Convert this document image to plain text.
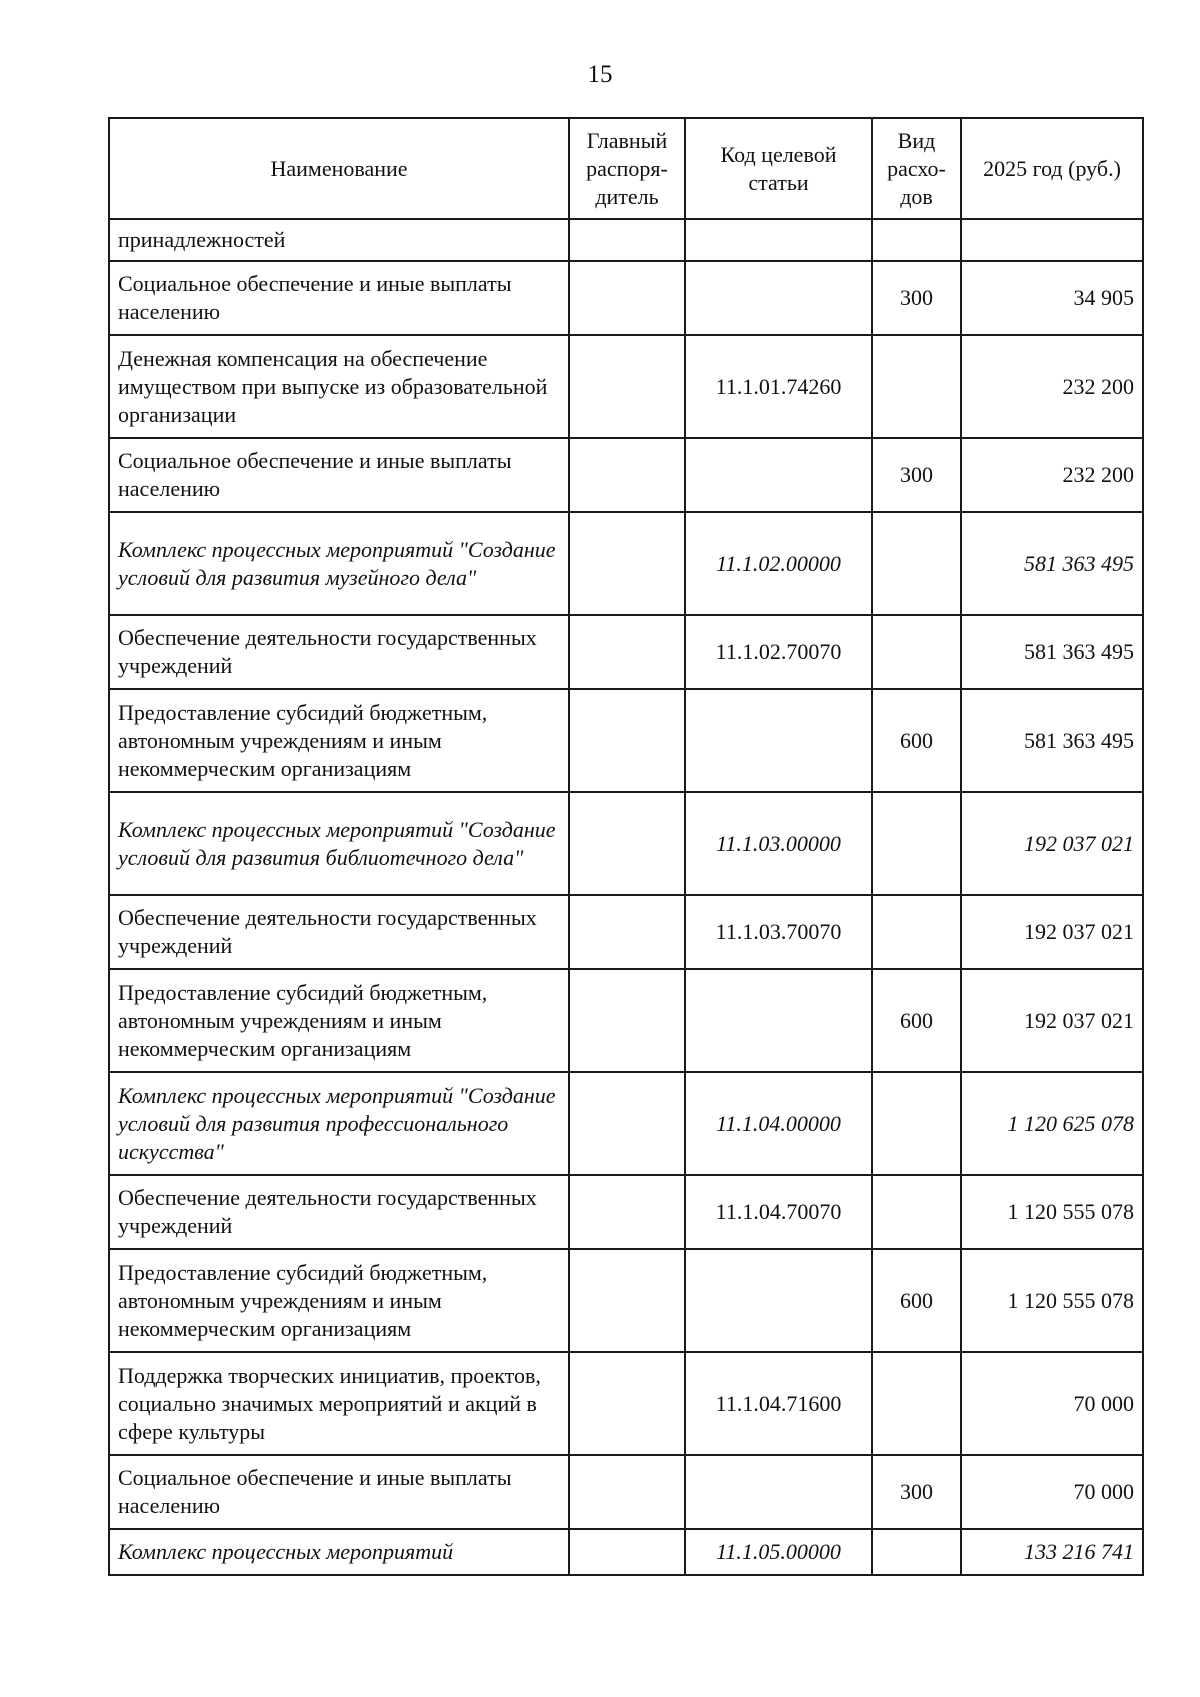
15
Наименование	Главный распоря-дитель	Код целевой статьи	Вид расхо-дов	2025 год (руб.)
принадлежностей				
Социальное обеспечение и иные выплаты населению			300	34 905
Денежная компенсация на обеспечение имуществом при выпуске из образовательной организации		11.1.01.74260		232 200
Социальное обеспечение и иные выплаты населению			300	232 200
Комплекс процессных мероприятий "Создание условий для развития музейного дела"		11.1.02.00000		581 363 495
Обеспечение деятельности государственных учреждений		11.1.02.70070		581 363 495
Предоставление субсидий бюджетным, автономным учреждениям и иным некоммерческим организациям			600	581 363 495
Комплекс процессных мероприятий "Создание условий для развития библиотечного дела"		11.1.03.00000		192 037 021
Обеспечение деятельности государственных учреждений		11.1.03.70070		192 037 021
Предоставление субсидий бюджетным, автономным учреждениям и иным некоммерческим организациям			600	192 037 021
Комплекс процессных мероприятий "Создание условий для развития профессионального искусства"		11.1.04.00000		1 120 625 078
Обеспечение деятельности государственных учреждений		11.1.04.70070		1 120 555 078
Предоставление субсидий бюджетным, автономным учреждениям и иным некоммерческим организациям			600	1 120 555 078
Поддержка творческих инициатив, проектов, социально значимых мероприятий и акций в сфере культуры		11.1.04.71600		70 000
Социальное обеспечение и иные выплаты населению			300	70 000
Комплекс процессных мероприятий		11.1.05.00000		133 216 741
